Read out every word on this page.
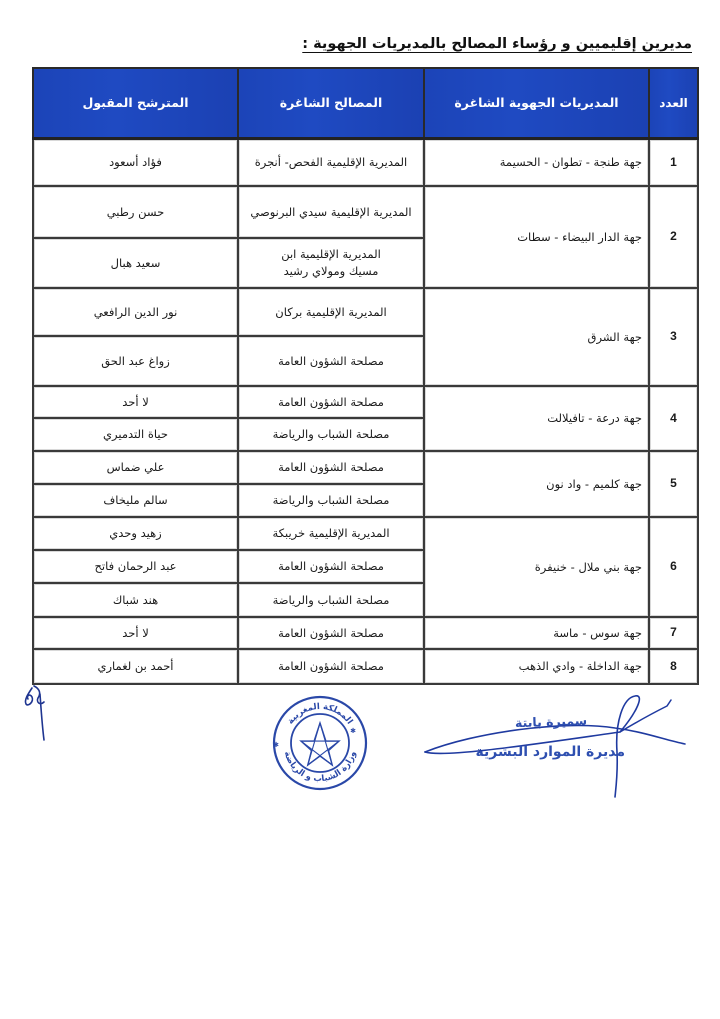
مديرين إقليميين و رؤساء المصالح بالمديريات الجهوية :
العدد	المديريات الجهوية الشاغرة	المصالح الشاغرة	المترشح المقبول
1	جهة طنجة - تطوان - الحسيمة	المديرية الإقليمية الفحص- أنجرة	فؤاد أسعود
2	جهة الدار البيضاء - سطات	المديرية الإقليمية سيدي البرنوصي	حسن رطبي
		المديرية الإقليمية ابن مسيك ومولاي رشيد	سعيد هبال
3	جهة الشرق	المديرية الإقليمية بركان	نور الدين الرافعي
		مصلحة الشؤون العامة	زواغ عبد الحق
4	جهة درعة - تافيلالت	مصلحة الشؤون العامة	لا أحد
		مصلحة الشباب والرياضة	حياة التدميري
5	جهة كلميم - واد نون	مصلحة الشؤون العامة	علي ضماس
		مصلحة الشباب والرياضة	سالم مليخاف
6	جهة بني ملال - خنيفرة	المديرية الإقليمية خريبكة	زهيد وحدي
		مصلحة الشؤون العامة	عبد الرحمان فاتح
		مصلحة الشباب والرياضة	هند شباك
7	جهة سوس - ماسة	مصلحة الشؤون العامة	لا أحد
8	جهة الداخلة - وادي الذهب	مصلحة الشؤون العامة	أحمد بن لغماري
المملكة المغربية
وزارة الشباب و الرياضة
✱
✱
سميرة بايتة
مديرة الموارد البشرية
